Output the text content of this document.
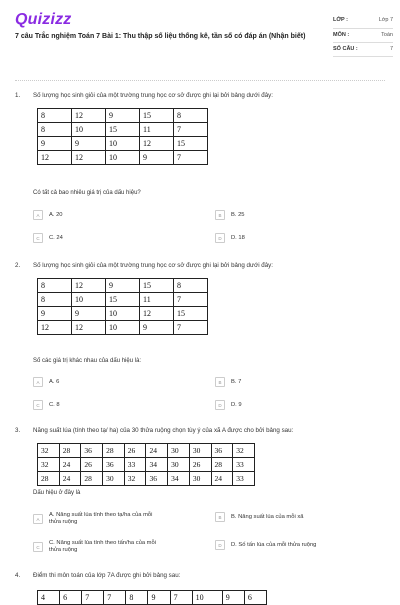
Quizizz
7 câu Trắc nghiệm Toán 7 Bài 1: Thu thập số liệu thống kê, tần số có đáp án (Nhận biết)
LỚP :	Lớp 7
MÔN :	Toán
SỐ CÂU :	7
1. Số lượng học sinh giỏi của một trường trung học cơ sở được ghi lại bởi bảng dưới đây:
8	12	9	15	8
8	10	15	11	7
9	9	10	12	15
12	12	10	9	7
Có tất cả bao nhiêu giá trị của dấu hiệu?
A	A. 20	B	B. 25
C	C. 24	D	D. 18
2. Số lượng học sinh giỏi của một trường trung học cơ sở được ghi lại bởi bảng dưới đây:
8	12	9	15	8
8	10	15	11	7
9	9	10	12	15
12	12	10	9	7
Số các giá trị khác nhau của dấu hiệu là:
A	A. 6	B	B. 7
C	C. 8	D	D. 9
3. Năng suất lúa (tính theo tạ/ ha) của 30 thửa ruộng chọn tùy ý của xã A được cho bởi bảng sau:
32	28	36	28	26	24	30	30	36	32
32	24	26	36	33	34	30	26	28	33
28	24	28	30	32	36	34	30	24	33
Dấu hiệu ở đây là
A
A. Năng suất lúa tính theo tạ/ha của mỗi thửa ruộng
B	B. Năng suất lúa của mỗi xã
C
C. Năng suất lúa tính theo tấn/ha của mỗi thửa ruộng
D	D. Số tấn lúa của mỗi thửa ruộng
4. Điểm thi môn toán của lớp 7A được ghi bởi bảng sau:
4	6	7	7	8	9	7	10	9	6
